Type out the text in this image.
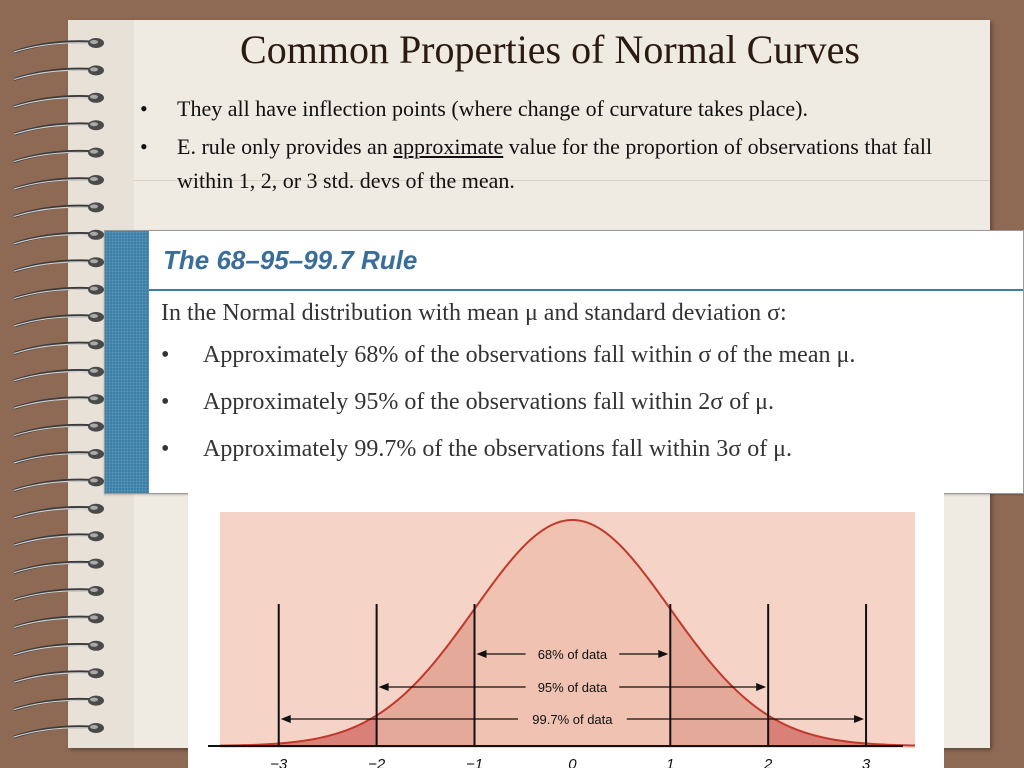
Common Properties of Normal Curves
• They all have inflection points (where change of curvature takes place).
• E. rule only provides an approximate value for the proportion of observations that fall within 1, 2, or 3 std. devs of the mean.
The 68–95–99.7 Rule

In the Normal distribution with mean μ and standard deviation σ:

• Approximately 68% of the observations fall within σ of the mean μ.
• Approximately 95% of the observations fall within 2σ of μ.
• Approximately 99.7% of the observations fall within 3σ of μ.
−3	−2	−1	0	1	2	3
68% of data
95% of data
99.7% of data
